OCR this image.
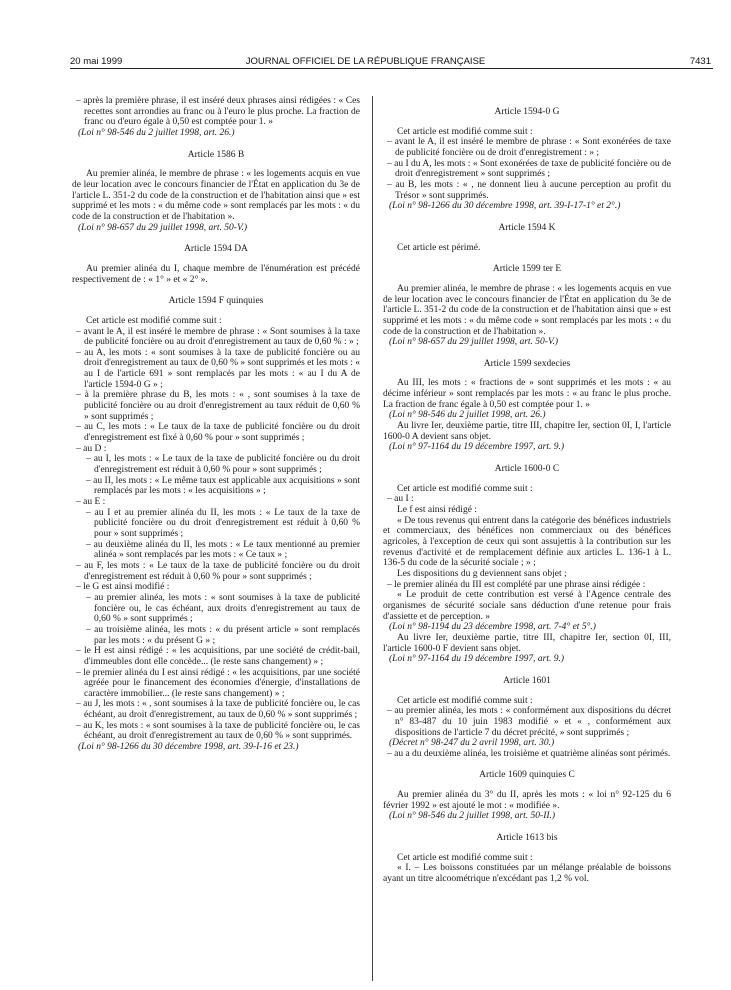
20 mai 1999	JOURNAL OFFICIEL DE LA RÉPUBLIQUE FRANÇAISE	7431

– après la première phrase, il est inséré deux phrases ainsi rédigées : « Ces recettes sont arrondies au franc ou à l'euro le plus proche. La fraction de franc ou d'euro égale à 0,50 est comptée pour 1. »

(Loi n° 98-546 du 2 juillet 1998, art. 26.)

Article 1586 B

Au premier alinéa, le membre de phrase : « les logements acquis en vue de leur location avec le concours financier de l'État en application du 3e de l'article L. 351-2 du code de la construction et de l'habitation ainsi que » est supprimé et les mots : « du même code » sont remplacés par les mots : « du code de la construction et de l'habitation ».

(Loi n° 98-657 du 29 juillet 1998, art. 50-V.)

Article 1594 DA

Au premier alinéa du I, chaque membre de l'énumération est précédé respectivement de : « 1° » et « 2° ».

Article 1594 F quinquies

Cet article est modifié comme suit :

– avant le A, il est inséré le membre de phrase : « Sont soumises à la taxe de publicité foncière ou au droit d'enregistrement au taux de 0,60 % : » ;

– au A, les mots : « sont soumises à la taxe de publicité foncière ou au droit d'enregistrement au taux de 0,60 % » sont supprimés et les mots : « au I de l'article 691 » sont remplacés par les mots : « au I du A de l'article 1594-0 G » ;

– à la première phrase du B, les mots : « , sont soumises à la taxe de publicité foncière ou au droit d'enregistrement au taux réduit de 0,60 % » sont supprimés ;

– au C, les mots : « Le taux de la taxe de publicité foncière ou du droit d'enregistrement est fixé à 0,60 % pour » sont supprimés ;

– au D :

– au I, les mots : « Le taux de la taxe de publicité foncière ou du droit d'enregistrement est réduit à 0,60 % pour » sont supprimés ;

– au II, les mots : « Le même taux est applicable aux acquisitions » sont remplacés par les mots : « les acquisitions » ;

– au E :

– au I et au premier alinéa du II, les mots : « Le taux de la taxe de publicité foncière ou du droit d'enregistrement est réduit à 0,60 % pour » sont supprimés ;

– au deuxième alinéa du II, les mots : « Le taux mentionné au premier alinéa » sont remplacés par les mots : « Ce taux » ;

– au F, les mots : « Le taux de la taxe de publicité foncière ou du droit d'enregistrement est réduit à 0,60 % pour » sont supprimés ;

– le G est ainsi modifié :

– au premier alinéa, les mots : « sont soumises à la taxe de publicité foncière ou, le cas échéant, aux droits d'enregistrement au taux de 0,60 % » sont supprimés ;

– au troisième alinéa, les mots : « du présent article » sont remplacés par les mots : « du présent G » ;

– le H est ainsi rédigé : « les acquisitions, par une société de crédit-bail, d'immeubles dont elle concède... (le reste sans changement) » ;

– le premier alinéa du I est ainsi rédigé : « les acquisitions, par une société agréée pour le financement des économies d'énergie, d'installations de caractère immobilier... (le reste sans changement) » ;

– au J, les mots : « , sont soumises à la taxe de publicité foncière ou, le cas échéant, au droit d'enregistrement, au taux de 0,60 % » sont supprimés ;

– au K, les mots : « sont soumises à la taxe de publicité foncière ou, le cas échéant, au droit d'enregistrement au taux de 0,60 % » sont supprimés.

(Loi n° 98-1266 du 30 décembre 1998, art. 39-I-16 et 23.)

Article 1594-0 G

Cet article est modifié comme suit :

– avant le A, il est inséré le membre de phrase : « Sont exonérées de taxe de publicité foncière ou de droit d'enregistrement : » ;

– au I du A, les mots : « Sont exonérées de taxe de publicité foncière ou de droit d'enregistrement » sont supprimés ;

– au B, les mots : « , ne donnent lieu à aucune perception au profit du Trésor » sont supprimés.

(Loi n° 98-1266 du 30 décembre 1998, art. 39-I-17-1° et 2°.)

Article 1594 K

Cet article est périmé.

Article 1599 ter E

Au premier alinéa, le membre de phrase : « les logements acquis en vue de leur location avec le concours financier de l'État en application du 3e de l'article L. 351-2 du code de la construction et de l'habitation ainsi que » est supprimé et les mots : « du même code » sont remplacés par les mots : « du code de la construction et de l'habitation ».

(Loi n° 98-657 du 29 juillet 1998, art. 50-V.)

Article 1599 sexdecies

Au III, les mots : « fractions de » sont supprimés et les mots : « au décime inférieur » sont remplacés par les mots : « au franc le plus proche. La fraction de franc égale à 0,50 est comptée pour 1. »

(Loi n° 98-546 du 2 juillet 1998, art. 26.)

Au livre Ier, deuxième partie, titre III, chapitre Ier, section 0I, I, l'article 1600-0 A devient sans objet.

(Loi n° 97-1164 du 19 décembre 1997, art. 9.)

Article 1600-0 C

Cet article est modifié comme suit :

– au I :

Le f est ainsi rédigé :

« De tous revenus qui entrent dans la catégorie des bénéfices industriels et commerciaux, des bénéfices non commerciaux ou des bénéfices agricoles, à l'exception de ceux qui sont assujettis à la contribution sur les revenus d'activité et de remplacement définie aux articles L. 136-1 à L. 136-5 du code de la sécurité sociale ; » ;

Les dispositions du g deviennent sans objet ;

– le premier alinéa du III est complété par une phrase ainsi rédigée :

« Le produit de cette contribution est versé à l'Agence centrale des organismes de sécurité sociale sans déduction d'une retenue pour frais d'assiette et de perception. »

(Loi n° 98-1194 du 23 décembre 1998, art. 7-4° et 5°.)

Au livre Ier, deuxième partie, titre III, chapitre Ier, section 0I, III, l'article 1600-0 F devient sans objet.

(Loi n° 97-1164 du 19 décembre 1997, art. 9.)

Article 1601

Cet article est modifié comme suit :

– au premier alinéa, les mots : « conformément aux dispositions du décret n° 83-487 du 10 juin 1983 modifié » et « , conformément aux dispositions de l'article 7 du décret précité, » sont supprimés ;

(Décret n° 98-247 du 2 avril 1998, art. 30.)

– au a du deuxième alinéa, les troisième et quatrième alinéas sont périmés.

Article 1609 quinquies C

Au premier alinéa du 3° du II, après les mots : « loi n° 92-125 du 6 février 1992 » est ajouté le mot : « modifiée ».

(Loi n° 98-546 du 2 juillet 1998, art. 50-II.)

Article 1613 bis

Cet article est modifié comme suit :

« I. – Les boissons constituées par un mélange préalable de boissons ayant un titre alcoométrique n'excédant pas 1,2 % vol.
